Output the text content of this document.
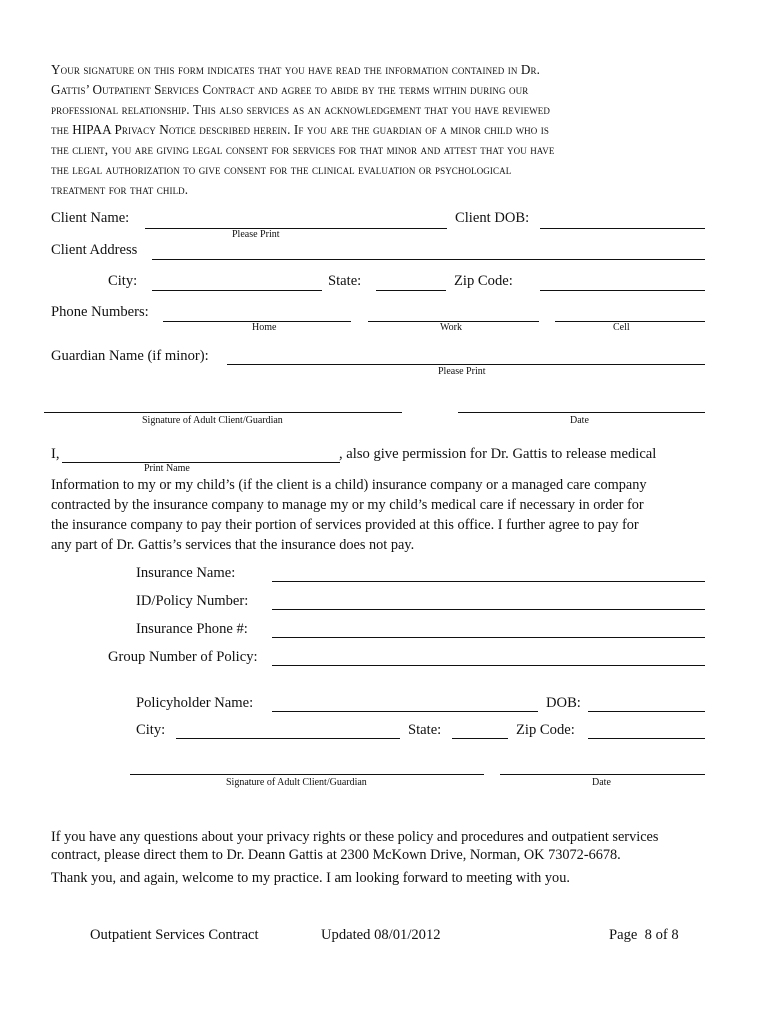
Your signature on this form indicates that you have read the information contained in Dr.
Gattis’ Outpatient Services Contract and agree to abide by the terms within during our
professional relationship. This also services as an acknowledgement that you have reviewed
the HIPAA Privacy Notice described herein. If you are the guardian of a minor child who is
the client, you are giving legal consent for services for that minor and attest that you have
the legal authorization to give consent for the clinical evaluation or psychological
treatment for that child.
Client Name:
Please Print
Client DOB:
Client Address
City:	State:	Zip Code:
Phone Numbers:
Home	Work	Cell
Guardian Name (if minor):
Please Print
Signature of Adult Client/Guardian	Date
I,	, also give permission for Dr. Gattis to release medical
Print Name
Information to my or my child’s (if the client is a child) insurance company or a managed care company
contracted by the insurance company to manage my or my child’s medical care if necessary in order for
the insurance company to pay their portion of services provided at this office. I further agree to pay for
any part of Dr. Gattis’s services that the insurance does not pay.
Insurance Name:
ID/Policy Number:
Insurance Phone #:
Group Number of Policy:
Policyholder Name:	DOB:
City:	State:	Zip Code:
Signature of Adult Client/Guardian	Date
If you have any questions about your privacy rights or these policy and procedures and outpatient services
contract, please direct them to Dr. Deann Gattis at 2300 McKown Drive, Norman, OK 73072-6678.
Thank you, and again, welcome to my practice. I am looking forward to meeting with you.
Outpatient Services Contract	Updated 08/01/2012	Page  8 of 8
